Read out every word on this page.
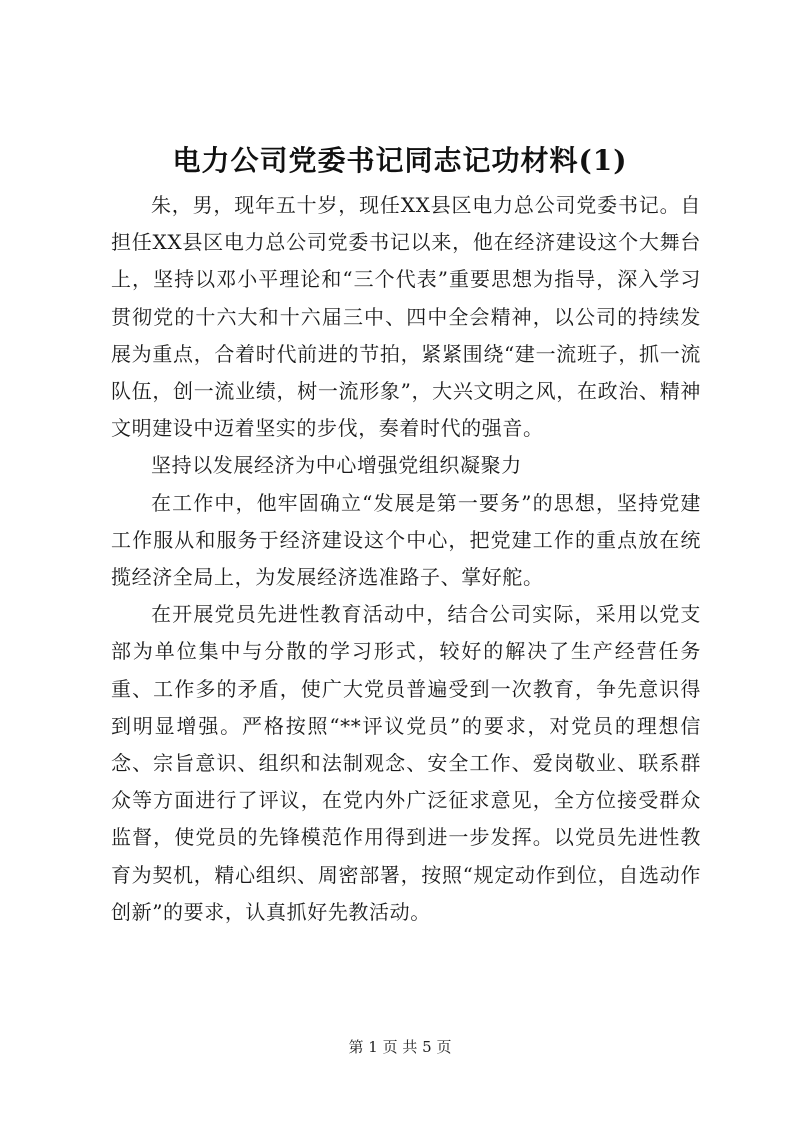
电力公司党委书记同志记功材料(1)

朱，男，现年五十岁，现任XX县区电力总公司党委书记。自担任XX县区电力总公司党委书记以来，他在经济建设这个大舞台上，坚持以邓小平理论和“三个代表”重要思想为指导，深入学习贯彻党的十六大和十六届三中、四中全会精神，以公司的持续发展为重点，合着时代前进的节拍，紧紧围绕“建一流班子，抓一流队伍，创一流业绩，树一流形象”，大兴文明之风，在政治、精神文明建设中迈着坚实的步伐，奏着时代的强音。

坚持以发展经济为中心增强党组织凝聚力

在工作中，他牢固确立“发展是第一要务”的思想，坚持党建工作服从和服务于经济建设这个中心，把党建工作的重点放在统揽经济全局上，为发展经济选准路子、掌好舵。

在开展党员先进性教育活动中，结合公司实际，采用以党支部为单位集中与分散的学习形式，较好的解决了生产经营任务重、工作多的矛盾，使广大党员普遍受到一次教育，争先意识得到明显增强。严格按照“**评议党员”的要求，对党员的理想信念、宗旨意识、组织和法制观念、安全工作、爱岗敬业、联系群众等方面进行了评议，在党内外广泛征求意见，全方位接受群众监督，使党员的先锋模范作用得到进一步发挥。以党员先进性教育为契机，精心组织、周密部署，按照“规定动作到位，自选动作创新”的要求，认真抓好先教活动。

第 1 页 共 5 页
